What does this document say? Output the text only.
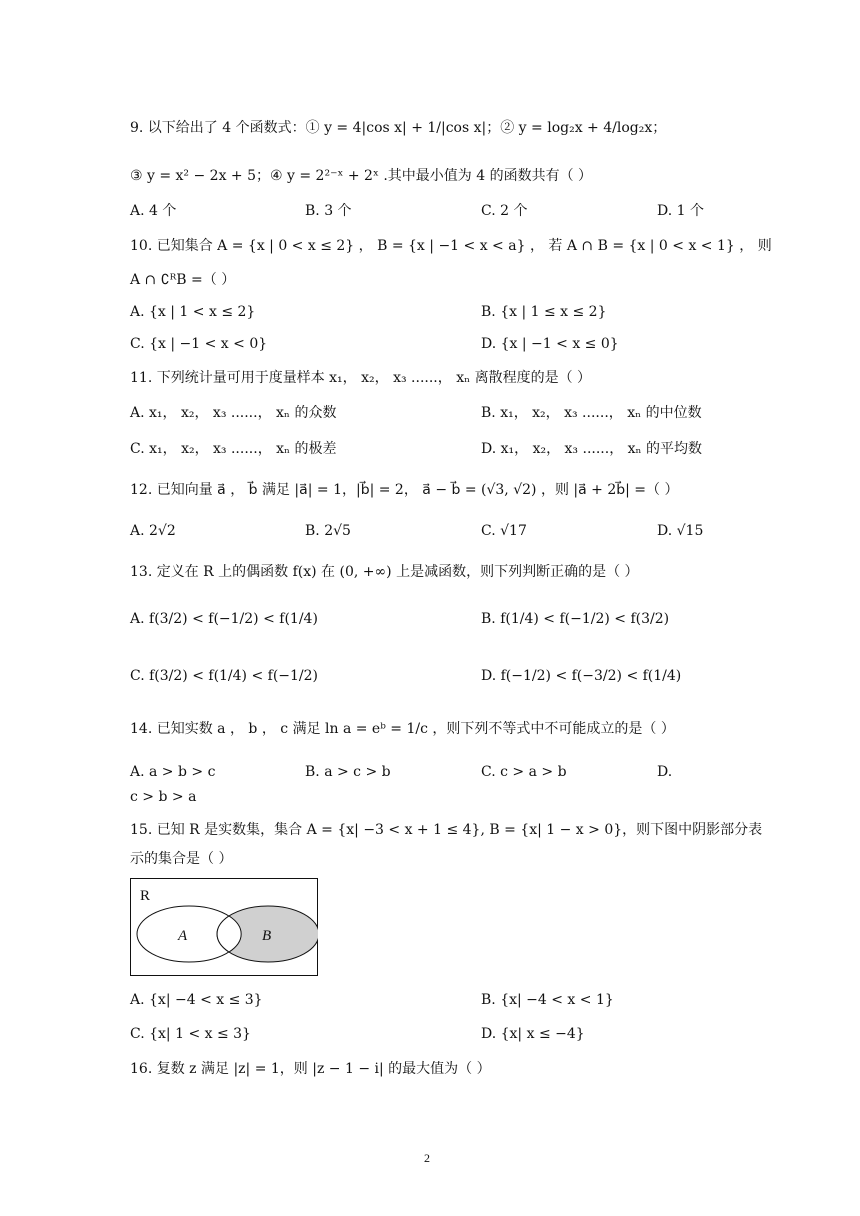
9. 以下给出了 4 个函数式：① y = 4|cos x| + 1/|cos x|；② y = log₂x + 4/log₂x；
③ y = x² − 2x + 5；④ y = 2²⁻ˣ + 2ˣ .其中最小值为 4 的函数共有（ ）
A. 4 个	B. 3 个	C. 2 个	D. 1 个
10. 已知集合 A = {x | 0 < x ≤ 2} ， B = {x | −1 < x < a} ， 若 A ∩ B = {x | 0 < x < 1} ， 则
A ∩ ∁ᴿB =（ ）
A. {x | 1 < x ≤ 2}	B. {x | 1 ≤ x ≤ 2}
C. {x | −1 < x < 0}	D. {x | −1 < x ≤ 0}
11. 下列统计量可用于度量样本 x₁， x₂， x₃ ......， xₙ 离散程度的是（ ）
A. x₁， x₂， x₃ ......， xₙ 的众数	B. x₁， x₂， x₃ ......， xₙ 的中位数
C. x₁， x₂， x₃ ......， xₙ 的极差	D. x₁， x₂， x₃ ......， xₙ 的平均数
12. 已知向量 a⃗ ， b⃗ 满足 |a⃗| = 1，|b⃗| = 2， a⃗ − b⃗ = (√3, √2) ，则 |a⃗ + 2b⃗| =（ ）
A. 2√2	B. 2√5	C. √17	D. √15
13. 定义在 R 上的偶函数 f(x) 在 (0, +∞) 上是减函数，则下列判断正确的是（ ）
A. f(3/2) < f(−1/2) < f(1/4)	B. f(1/4) < f(−1/2) < f(3/2)
C. f(3/2) < f(1/4) < f(−1/2)	D. f(−1/2) < f(−3/2) < f(1/4)
14. 已知实数 a ， b ， c 满足 ln a = eᵇ = 1/c ，则下列不等式中不可能成立的是（ ）
A. a > b > c	B. a > c > b	C. c > a > b	D.
c > b > a
15. 已知 R 是实数集，集合 A = {x| −3 < x + 1 ≤ 4}, B = {x| 1 − x > 0}，则下图中阴影部分表
示的集合是（ ）
R
A	B
A. {x| −4 < x ≤ 3}	B. {x| −4 < x < 1}
C. {x| 1 < x ≤ 3}	D. {x| x ≤ −4}
16. 复数 z 满足 |z| = 1，则 |z − 1 − i| 的最大值为（ ）
2
